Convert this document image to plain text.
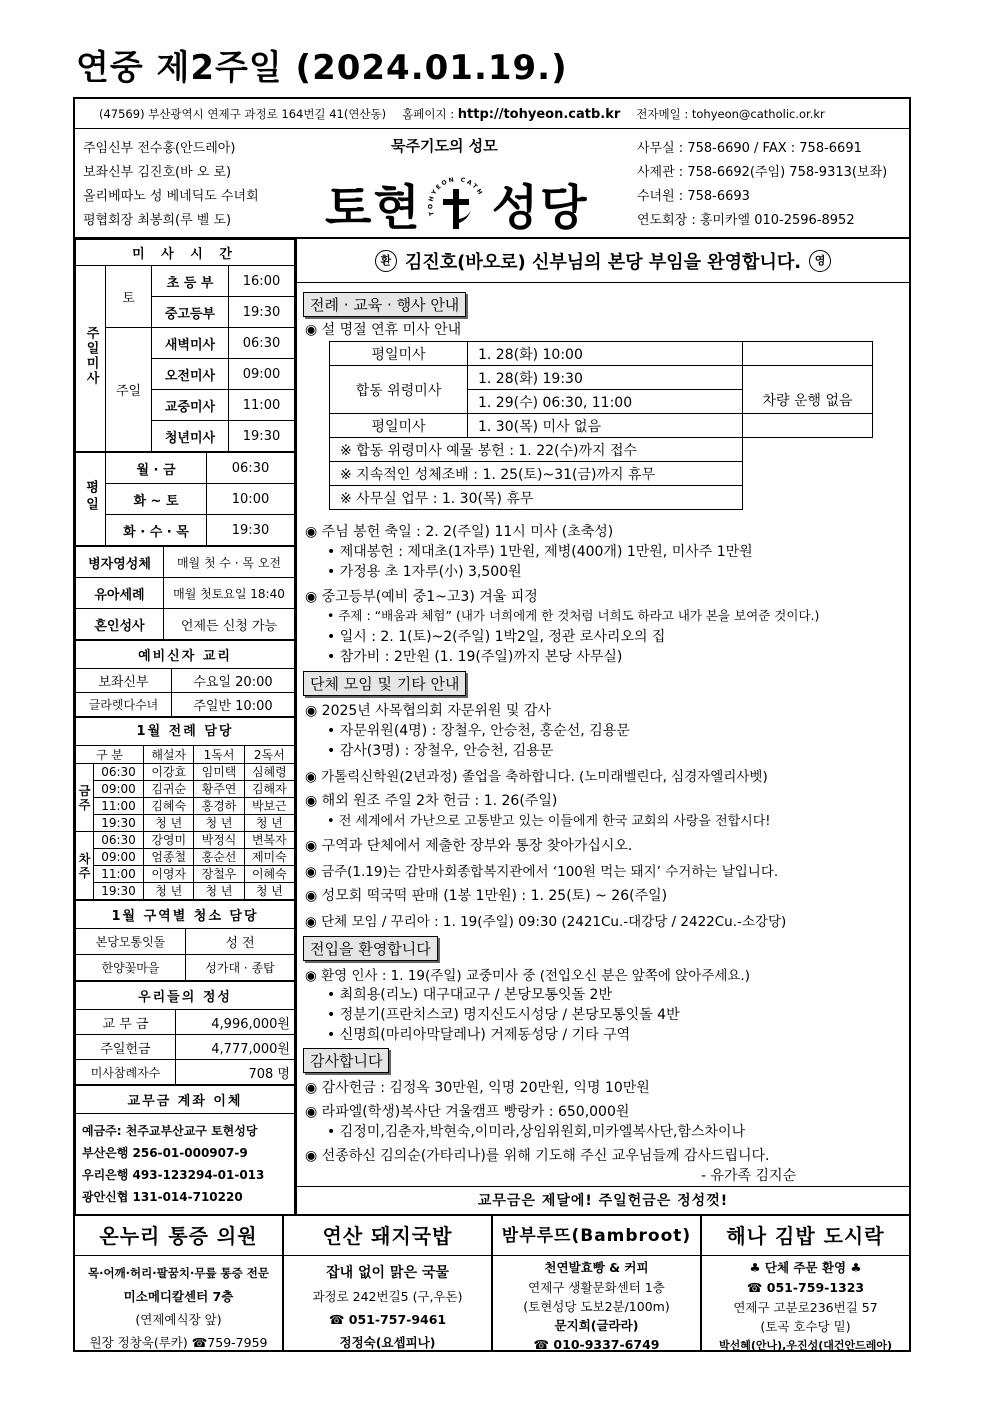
연중 제2주일 (2024.01.19.)
(47569) 부산광역시 연제구 과정로 164번길 41(연산동) 홈페이지 : http://tohyeon.catb.kr 전자메일 : tohyeon@catholic.or.kr
주임신부 전수홍(안드레아)
보좌신부 김진호(바 오 로)
올리베따노 성 베네딕도 수녀회
평협회장 최봉희(루 벨 도)
묵주기도의 성모
토현 T HYEON CATH 성당
사무실 : 758-6690 / FAX : 758-6691
사제관 : 758-6692(주임) 758-9313(보좌)
수녀원 : 758-6693
연도회장 : 홍미카엘 010-2596-8952
미 사 시 간			
주일미사	토	초 등 부	16:00
		중고등부	19:30
	주일	새벽미사	06:30
		오전미사	09:00
		교중미사	11:00
		청년미사	19:30
평일	월 · 금	06:30
	화 ~ 토	10:00
	화 · 수 · 목	19:30
병자영성체	매월 첫 수 · 목 오전
유아세례	매월 첫토요일 18:40
혼인성사	언제든 신청 가능
예비신자 교리	
보좌신부	수요일 20:00
글라렛다수녀	주일반 10:00
1월 전례 담당				
구 분		해설자	1독서	2독서
금주	06:30	이강효	임미택	심혜령
	09:00	김귀순	황주연	김해자
	11:00	김혜숙	홍경하	박보근
	19:30	청 년	청 년	청 년
차주	06:30	강영미	박정식	변복자
	09:00	엄종철	홍순선	제미숙
	11:00	이영자	장철우	이혜숙
	19:30	청 년	청 년	청 년
1월 구역별 청소 담당	
본당모통잇돌	성 전
한양꽃마을	성가대 · 종탑
우리들의 정성	
교 무 금	4,996,000원
주일헌금	4,777,000원
미사참례자수	708 명
교무금 계좌 이체

예금주: 천주교부산교구 토현성당
부산은행 256-01-000907-9
우리은행 493-123294-01-013
광안신협 131-014-710220
환 김진호(바오로) 신부님의 본당 부임을 완영합니다.	영
전례 · 교육 · 행사 안내
◉ 설 명절 연휴 미사 안내
평일미사	1. 28(화) 10:00	
합동 위령미사	1. 28(화) 19:30	차량 운행 없음
	1. 29(수) 06:30, 11:00	
평일미사	1. 30(목) 미사 없음	
※ 합동 위령미사 예물 봉헌 : 1. 22(수)까지 접수		
※ 지속적인 성체조배 : 1. 25(토)~31(금)까지 휴무		
※ 사무실 업무 : 1. 30(목) 휴무		
◉ 주님 봉헌 축일 : 2. 2(주일) 11시 미사 (초축성)
• 제대봉헌 : 제대초(1자루) 1만원, 제병(400개) 1만원, 미사주 1만원
• 가정용 초 1자루(小) 3,500원
◉ 중고등부(예비 중1~고3) 겨울 피정
• 주제 : “배움과 체험” (내가 너희에게 한 것처럼 너희도 하라고 내가 본을 보여준 것이다.)
• 일시 : 2. 1(토)~2(주일) 1박2일, 정관 로사리오의 집
• 참가비 : 2만원 (1. 19(주일)까지 본당 사무실)
단체 모임 및 기타 안내
◉ 2025년 사목협의회 자문위원 및 감사
• 자문위원(4명) : 장철우, 안승천, 홍순선, 김용문
• 감사(3명) : 장철우, 안승천, 김용문
◉ 가톨릭신학원(2년과정) 졸업을 축하합니다. (노미래벨린다, 심경자엘리사벳)
◉ 해외 원조 주일 2차 헌금 : 1. 26(주일)
• 전 세계에서 가난으로 고통받고 있는 이들에게 한국 교회의 사랑을 전합시다!
◉ 구역과 단체에서 제출한 장부와 통장 찾아가십시오.
◉ 금주(1.19)는 감만사회종합복지관에서 ‘100원 먹는 돼지’ 수거하는 날입니다.
◉ 성모회 떡국떡 판매 (1봉 1만원) : 1. 25(토) ~ 26(주일)
◉ 단체 모임 / 꾸리아 : 1. 19(주일) 09:30 (2421Cu.-대강당 / 2422Cu.-소강당)
전입을 환영합니다
◉ 환영 인사 : 1. 19(주일) 교중미사 중 (전입오신 분은 앞쪽에 앉아주세요.)
• 최희용(리노) 대구대교구 / 본당모통잇돌 2반
• 정분기(프란치스코) 명지신도시성당 / 본당모통잇돌 4반
• 신명희(마리아막달레나) 거제동성당 / 기타 구역
감사합니다
◉ 감사헌금 : 김정옥 30만원, 익명 20만원, 익명 10만원
◉ 라파엘(학생)복사단 겨울캠프 빵랑카 : 650,000원
• 김정미,김춘자,박현숙,이미라,상임위원회,미카엘복사단,함스차이나
◉ 선종하신 김의순(가타리나)를 위해 기도해 주신 교우님들께 감사드립니다.
- 유가족 김지순
교무금은 제달에! 주일헌금은 정성껏!
온누리 통증 의원

목·어깨·허리·팔꿈치·무릎 통증 전문

미소메디칼센터 7층

(연제예식장 앞)

원장 정창욱(루카) ☎759-7959

연산 돼지국밥

잡내 없이 맑은 국물

과정로 242번길5 (구,우돈)

☎ 051-757-9461

정정숙(요셉피나)

밤부루뜨(Bambroot)

천연발효빵 & 커피

연제구 생활문화센터 1층

(토현성당 도보2분/100m)

문지희(글라라)

☎ 010-9337-6749

해나 김밥 도시락

♣ 단체 주문 환영 ♣

☎ 051-759-1323

연제구 고분로236번길 57

(토곡 호수당 밑)

박선혜(안나),우진성(대건안드레아)
